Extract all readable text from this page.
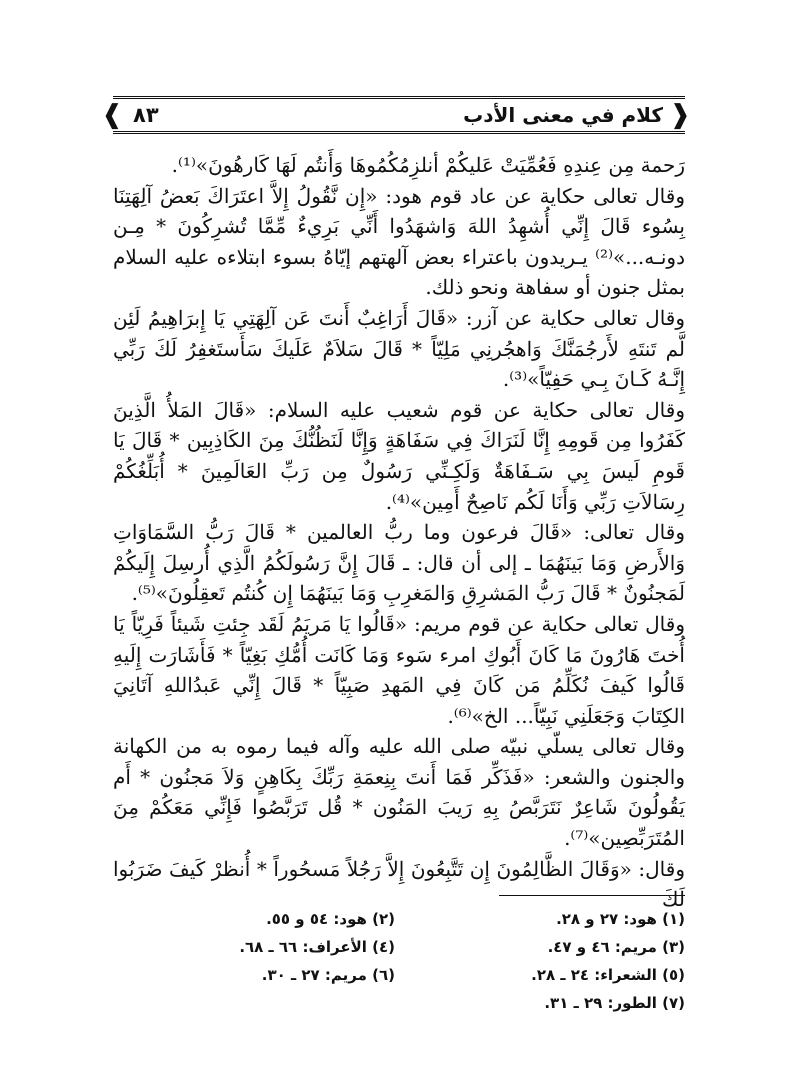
❰
❱	كلام في معنى الأدب
٨٣

رَحمة مِن عِندِهِ فَعُمِّيَتْ عَليكُمْ أنلزِمُكُمُوهَا وَأَنتُم لَهَا كَارهُونَ»⁽¹⁾.

وقال تعالى حكاية عن عاد قوم هود: «إِن نَّقُولُ إِلاَّ اعتَرَاكَ بَعضُ آلِهَتِنَا بِسُوء قَالَ إِنِّي أُشهِدُ اللهَ وَاشهَدُوا أَنِّي بَرِيءٌ مِّمَّا تُشرِكُونَ * مِـن دونـه...»⁽²⁾ يـريدون باعتراء بعض آلهتهم إيّاهُ بسوء ابتلاءه عليه السلام بمثل جنون أو سفاهة ونحو ذلك.

وقال تعالى حكاية عن آزر: «قَالَ أَرَاغِبٌ أَنتَ عَن آلِهَتِي يَا إِبرَاهِيمُ لَئِن لَّم تَنتَهِ لأَرجُمَنَّكَ وَاهجُرنِي مَلِيّاً * قَالَ سَلاَمٌ عَلَيكَ سَأَستَغفِرُ لَكَ رَبِّي إِنَّـهُ كَـانَ بِـي حَفِيّاً»⁽³⁾.

وقال تعالى حكاية عن قوم شعيب عليه السلام: «قَالَ المَلأُ الَّذِينَ كَفَرُوا مِن قَومِهِ إِنَّا لَنَرَاكَ فِي سَفَاهَةٍ وَإِنَّا لَنَظُنُّكَ مِنَ الكَاذِبِين * قَالَ يَا قَومِ لَيسَ بِي سَـفَاهَةٌ وَلَكِـنِّي رَسُولٌ مِن رَبِّ العَالَمِينَ * أُبَلِّغُكُمْ رِسَالاَتِ رَبِّي وَأَنَا لَكُم نَاصِحٌ أَمِين»⁽⁴⁾.

وقال تعالى: «قَالَ فرعون وما ربُّ العالمين * قَالَ رَبُّ السَّمَاوَاتِ وَالأَرضِ وَمَا بَينَهُمَا ـ إلى أن قال: ـ قَالَ إِنَّ رَسُولَكُمُ الَّذِي أُرسِلَ إِلَيكُمْ لَمَجنُونٌ * قَالَ رَبُّ المَشرِقِ وَالمَغرِبِ وَمَا بَينَهُمَا إِن كُنتُم تَعقِلُونَ»⁽⁵⁾.

وقال تعالى حكاية عن قوم مريم: «قَالُوا يَا مَريَمُ لَقَد جِئتِ شَيئاً فَرِيّاً يَا أُختَ هَارُونَ مَا كَانَ أَبُوكِ امرء سَوء وَمَا كَانَت أُمُّكِ بَغِيّاً * فَأَشَارَت إِلَيهِ قَالُوا كَيفَ نُكَلِّمُ مَن كَانَ فِي المَهدِ صَبِيّاً * قَالَ إِنِّي عَبدُاللهِ آتَانِيَ الكِتَابَ وَجَعَلَنِي نَبِيّاً... الخ»⁽⁶⁾.

وقال تعالى يسلّي نبيّه صلى الله عليه وآله فيما رموه به من الكهانة والجنون والشعر: «فَذَكِّر فَمَا أَنتَ بِنِعمَةِ رَبِّكَ بِكَاهِنٍ وَلاَ مَجنُون * أَم يَقُولُونَ شَاعِرٌ نَتَرَبَّصُ بِهِ رَيبَ المَنُون * قُل تَرَبَّصُوا فَإِنِّي مَعَكُمْ مِنَ المُتَرَبِّصِين»⁽⁷⁾.

وقال: «وَقَالَ الظَّالِمُونَ إِن تَتَّبِعُونَ إِلاَّ رَجُلاً مَسحُوراً * أُنظرْ كَيفَ ضَرَبُوا لَكَ

(١) هود: ٢٧ و ٢٨.
(٢) هود: ٥٤ و ٥٥.
(٣) مريم: ٤٦ و ٤٧.
(٤) الأعراف: ٦٦ ـ ٦٨.
(٥) الشعراء: ٢٤ ـ ٢٨.
(٦) مريم: ٢٧ ـ ٣٠.
(٧) الطور: ٢٩ ـ ٣١.
